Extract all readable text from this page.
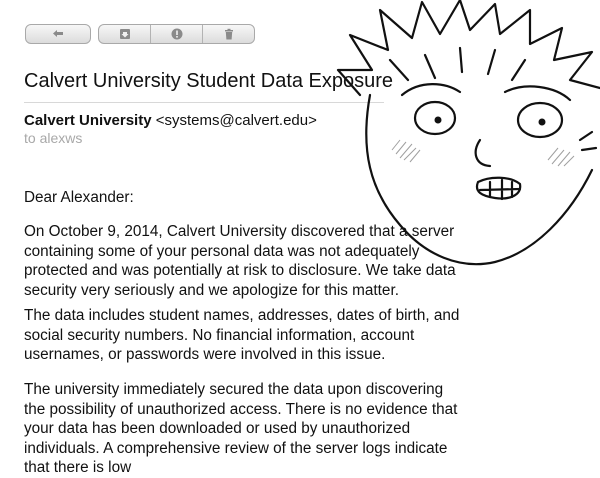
Calvert University Student Data Exposure
Calvert University <systems@calvert.edu>
to alexws
Dear Alexander:

On October 9, 2014, Calvert University discovered that a server containing some of your personal data was not adequately protected and was potentially at risk to disclosure. We take data security very seriously and we apologize for this matter.

The data includes student names, addresses, dates of birth, and social security numbers. No financial information, account usernames, or passwords were involved in this issue.

The university immediately secured the data upon discovering the possibility of unauthorized access. There is no evidence that your data has been downloaded or used by unauthorized individuals. A comprehensive review of the server logs indicate that there is low
